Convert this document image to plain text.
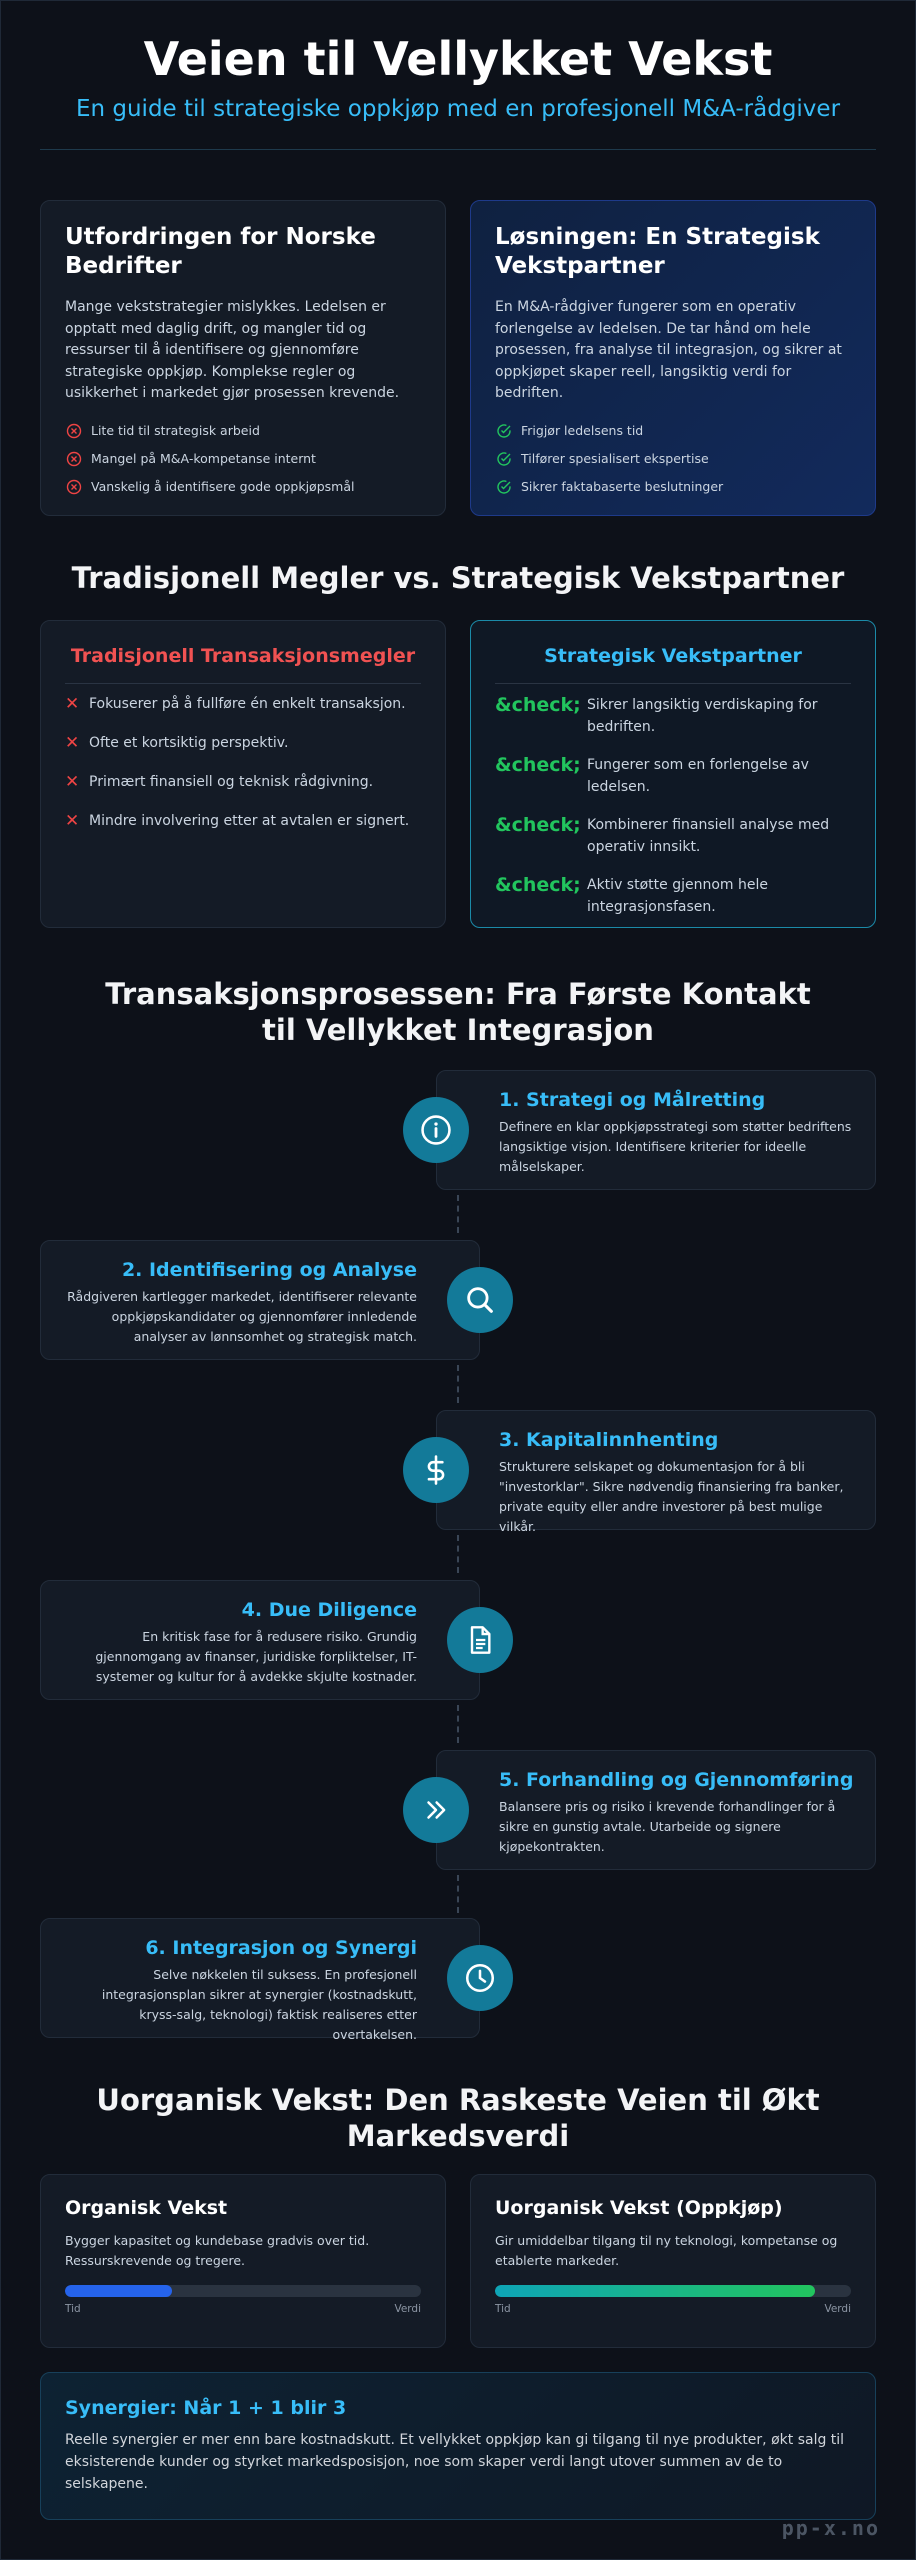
Veien til Vellykket Vekst
En guide til strategiske oppkjøp med en profesjonell M&A-rådgiver
Utfordringen for Norske Bedrifter

Mange vekststrategier mislykkes. Ledelsen er opptatt med daglig drift, og mangler tid og ressurser til å identifisere og gjennomføre strategiske oppkjøp. Komplekse regler og usikkerhet i markedet gjør prosessen krevende.

Lite tid til strategisk arbeid
Mangel på M&A-kompetanse internt
Vanskelig å identifisere gode oppkjøpsmål
Løsningen: En Strategisk Vekstpartner

En M&A-rådgiver fungerer som en operativ forlengelse av ledelsen. De tar hånd om hele prosessen, fra analyse til integrasjon, og sikrer at oppkjøpet skaper reell, langsiktig verdi for bedriften.

Frigjør ledelsens tid
Tilfører spesialisert ekspertise
Sikrer faktabaserte beslutninger
Tradisjonell Megler vs. Strategisk Vekstpartner
Tradisjonell Transaksjonsmegler
✕ Fokuserer på å fullføre én enkelt transaksjon.
✕ Ofte et kortsiktig perspektiv.
✕ Primært finansiell og teknisk rådgivning.
✕ Mindre involvering etter at avtalen er signert.
Strategisk Vekstpartner
&check; Sikrer langsiktig verdiskaping for bedriften.
&check; Fungerer som en forlengelse av ledelsen.
&check; Kombinerer finansiell analyse med operativ innsikt.
&check; Aktiv støtte gjennom hele integrasjonsfasen.
Transaksjonsprosessen: Fra Første Kontakt til Vellykket Integrasjon
1. Strategi og Målretting

Definere en klar oppkjøpsstrategi som støtter bedriftens langsiktige visjon. Identifisere kriterier for ideelle målselskaper.

2. Identifisering og Analyse

Rådgiveren kartlegger markedet, identifiserer relevante oppkjøpskandidater og gjennomfører innledende analyser av lønnsomhet og strategisk match.

3. Kapitalinnhenting

Strukturere selskapet og dokumentasjon for å bli "investorklar". Sikre nødvendig finansiering fra banker, private equity eller andre investorer på best mulige vilkår.

4. Due Diligence

En kritisk fase for å redusere risiko. Grundig gjennomgang av finanser, juridiske forpliktelser, IT-systemer og kultur for å avdekke skjulte kostnader.

5. Forhandling og Gjennomføring

Balansere pris og risiko i krevende forhandlinger for å sikre en gunstig avtale. Utarbeide og signere kjøpekontrakten.

6. Integrasjon og Synergi

Selve nøkkelen til suksess. En profesjonell integrasjonsplan sikrer at synergier (kostnadskutt, kryss-salg, teknologi) faktisk realiseres etter overtakelsen.

Uorganisk Vekst: Den Raskeste Veien til Økt Markedsverdi
Organisk Vekst

Bygger kapasitet og kundebase gradvis over tid. Ressurskrevende og tregere.

Tid	Verdi
Uorganisk Vekst (Oppkjøp)

Gir umiddelbar tilgang til ny teknologi, kompetanse og etablerte markeder.

Tid	Verdi
Synergier: Når 1 + 1 blir 3

Reelle synergier er mer enn bare kostnadskutt. Et vellykket oppkjøp kan gi tilgang til nye produkter, økt salg til eksisterende kunder og styrket markedsposisjon, noe som skaper verdi langt utover summen av de to selskapene.

pp-x.no
